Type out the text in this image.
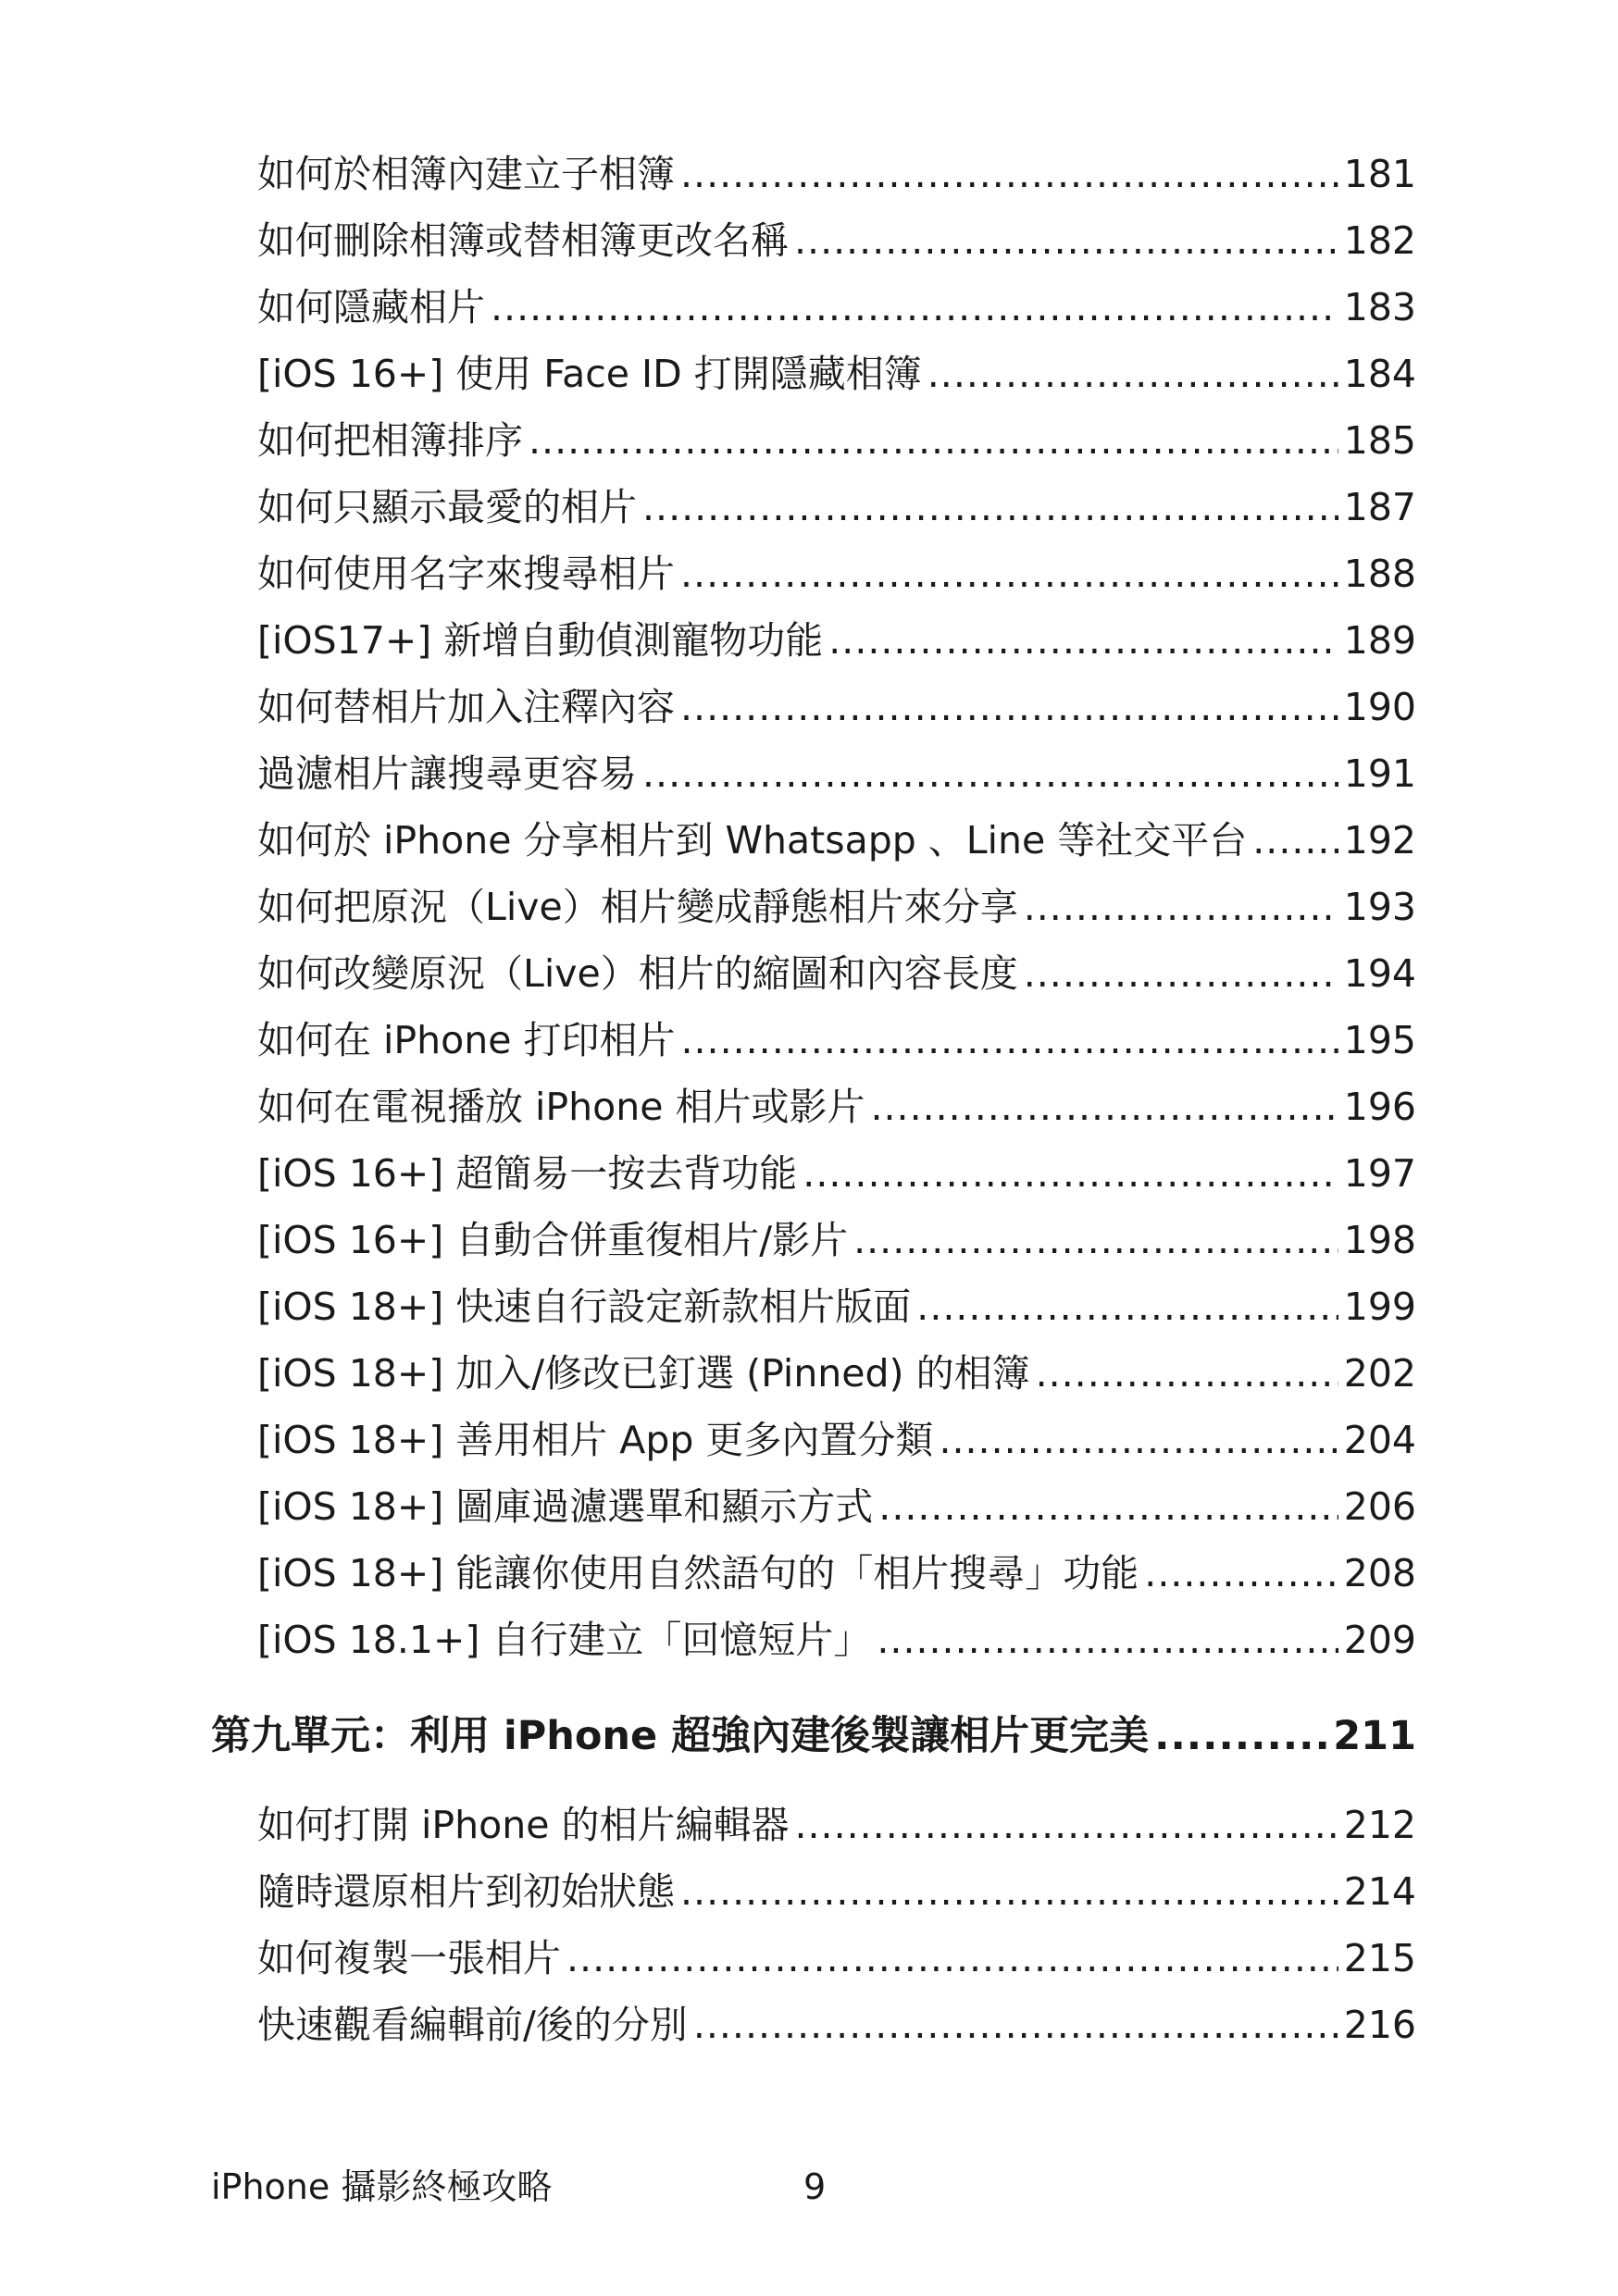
如何於相簿內建立子相簿 .....	181
如何刪除相簿或替相簿更改名稱 .....	182
如何隱藏相片 .....	183
[iOS 16+] 使用 Face ID 打開隱藏相簿 .....	184
如何把相簿排序 .....	185
如何只顯示最愛的相片 .....	187
如何使用名字來搜尋相片 .....	188
[iOS17+] 新增自動偵測寵物功能 .....	189
如何替相片加入注釋內容 .....	190
過濾相片讓搜尋更容易 .....	191
如何於 iPhone 分享相片到 Whatsapp 、Line 等社交平台 .....	192
如何把原況（Live）相片變成靜態相片來分享 .....	193
如何改變原況（Live）相片的縮圖和內容長度 .....	194
如何在 iPhone 打印相片 .....	195
如何在電視播放 iPhone 相片或影片 .....	196
[iOS 16+] 超簡易一按去背功能 .....	197
[iOS 16+] 自動合併重復相片/影片 .....	198
[iOS 18+] 快速自行設定新款相片版面 .....	199
[iOS 18+] 加入/修改已釘選 (Pinned) 的相簿 .....	202
[iOS 18+] 善用相片 App 更多內置分類 .....	204
[iOS 18+] 圖庫過濾選單和顯示方式 .....	206
[iOS 18+] 能讓你使用自然語句的「相片搜尋」功能 .....	208
[iOS 18.1+] 自行建立「回憶短片」 .....	209
第九單元：利用 iPhone 超強內建後製讓相片更完美 .....	211
如何打開 iPhone 的相片編輯器 .....	212
隨時還原相片到初始狀態 .....	214
如何複製一張相片 .....	215
快速觀看編輯前/後的分別 .....	216
iPhone 攝影終極攻略	9
